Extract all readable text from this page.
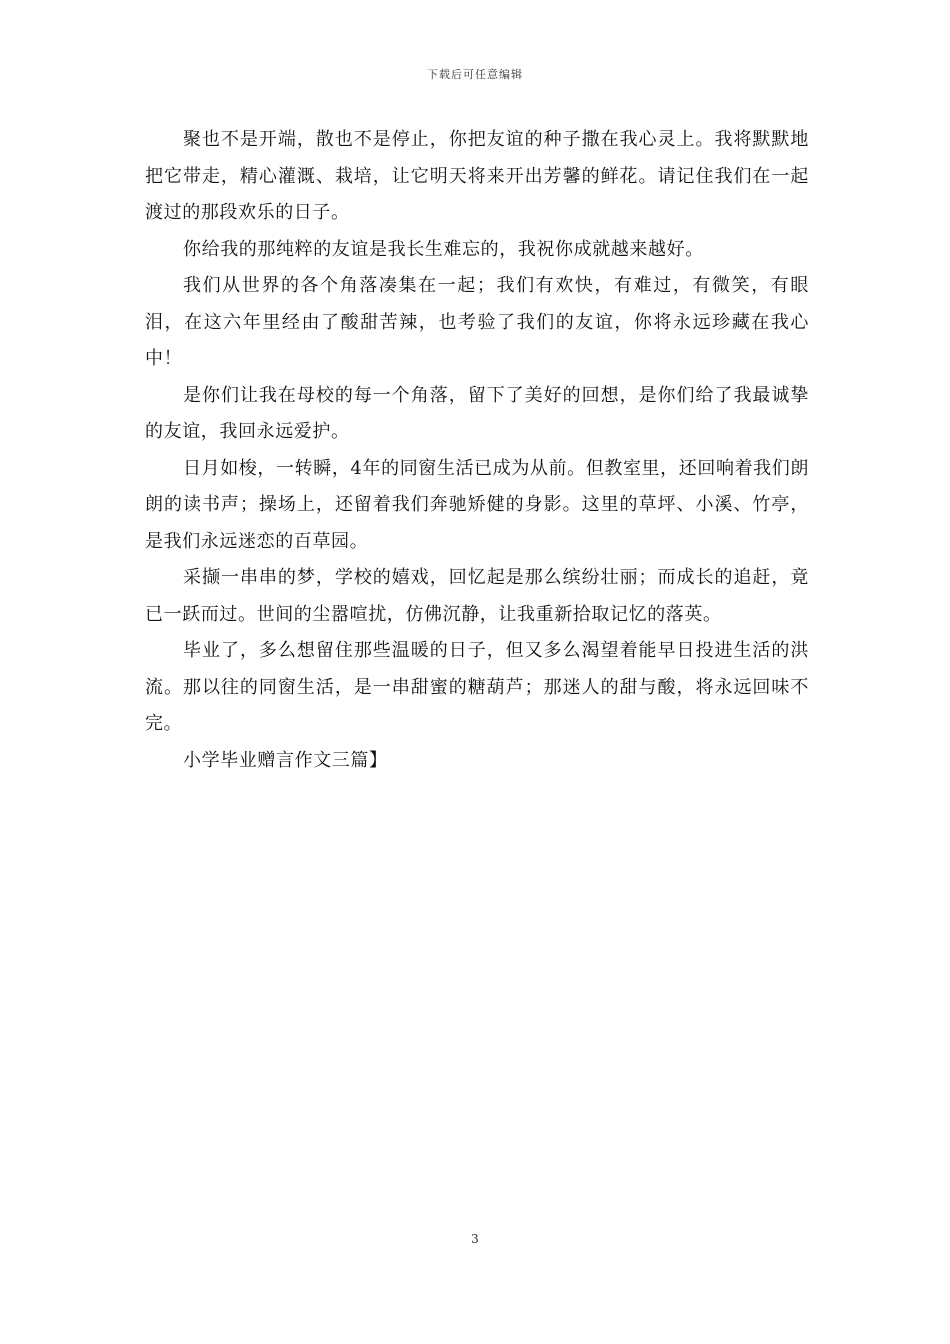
下载后可任意编辑

聚也不是开端，散也不是停止，你把友谊的种子撒在我心灵上。我将默默地把它带走，精心灌溉、栽培，让它明天将来开出芳馨的鲜花。请记住我们在一起渡过的那段欢乐的日子。

你给我的那纯粹的友谊是我长生难忘的，我祝你成就越来越好。

我们从世界的各个角落凑集在一起；我们有欢快，有难过，有微笑，有眼泪，在这六年里经由了酸甜苦辣，也考验了我们的友谊，你将永远珍藏在我心中！

是你们让我在母校的每一个角落，留下了美好的回想，是你们给了我最诚挚的友谊，我回永远爱护。

日月如梭，一转瞬，4年的同窗生活已成为从前。但教室里，还回响着我们朗朗的读书声；操场上，还留着我们奔驰矫健的身影。这里的草坪、小溪、竹亭，是我们永远迷恋的百草园。

采撷一串串的梦，学校的嬉戏，回忆起是那么缤纷壮丽；而成长的追赶，竟已一跃而过。世间的尘嚣喧扰，仿佛沉静，让我重新拾取记忆的落英。

毕业了，多么想留住那些温暖的日子，但又多么渴望着能早日投进生活的洪流。那以往的同窗生活，是一串甜蜜的糖葫芦；那迷人的甜与酸，将永远回味不完。

小学毕业赠言作文三篇】

3
